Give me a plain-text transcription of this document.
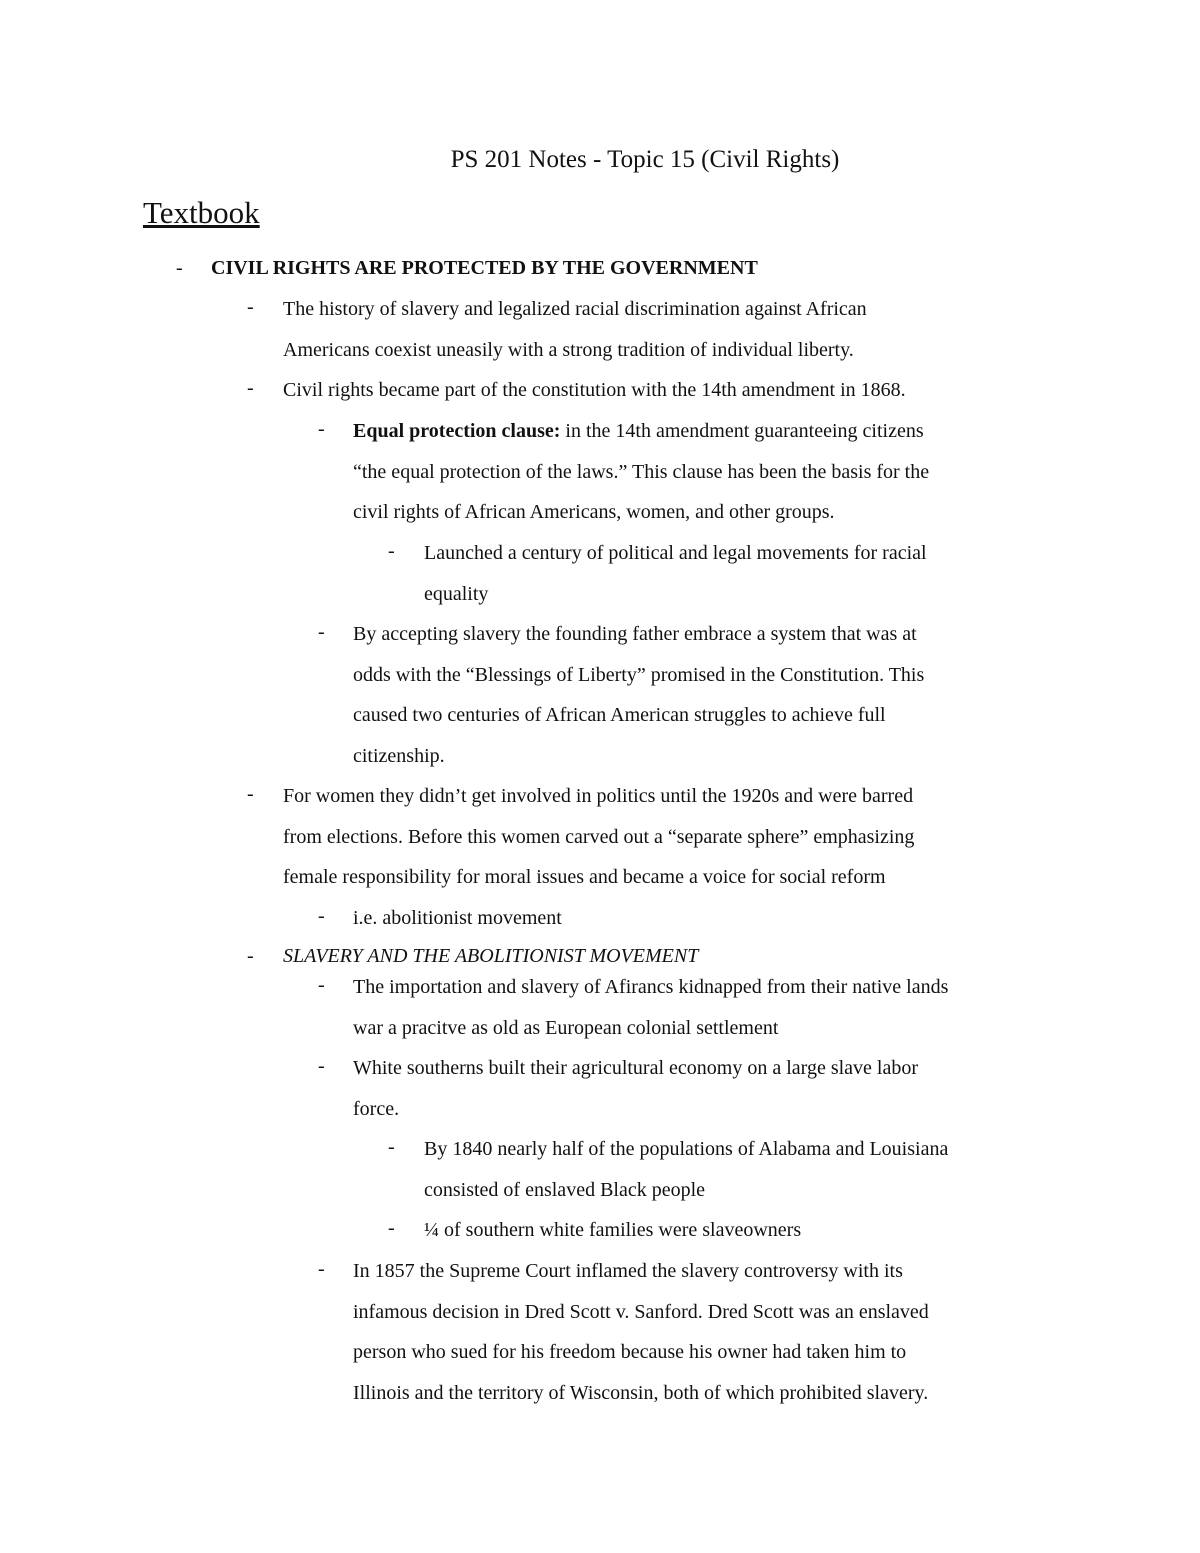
PS 201 Notes - Topic 15 (Civil Rights)
Textbook
- CIVIL RIGHTS ARE PROTECTED BY THE GOVERNMENT
- The history of slavery and legalized racial discrimination against African
Americans coexist uneasily with a strong tradition of individual liberty.
- Civil rights became part of the constitution with the 14th amendment in 1868.
- Equal protection clause: in the 14th amendment guaranteeing citizens
“the equal protection of the laws.” This clause has been the basis for the
civil rights of African Americans, women, and other groups.
- Launched a century of political and legal movements for racial
equality
- By accepting slavery the founding father embrace a system that was at
odds with the “Blessings of Liberty” promised in the Constitution. This
caused two centuries of African American struggles to achieve full
citizenship.
- For women they didn’t get involved in politics until the 1920s and were barred
from elections. Before this women carved out a “separate sphere” emphasizing
female responsibility for moral issues and became a voice for social reform
- i.e. abolitionist movement
- SLAVERY AND THE ABOLITIONIST MOVEMENT
- The importation and slavery of Afirancs kidnapped from their native lands
war a pracitve as old as European colonial settlement
- White southerns built their agricultural economy on a large slave labor
force.
- By 1840 nearly half of the populations of Alabama and Louisiana
consisted of enslaved Black people
- ¼ of southern white families were slaveowners
- In 1857 the Supreme Court inflamed the slavery controversy with its
infamous decision in Dred Scott v. Sanford. Dred Scott was an enslaved
person who sued for his freedom because his owner had taken him to
Illinois and the territory of Wisconsin, both of which prohibited slavery.
